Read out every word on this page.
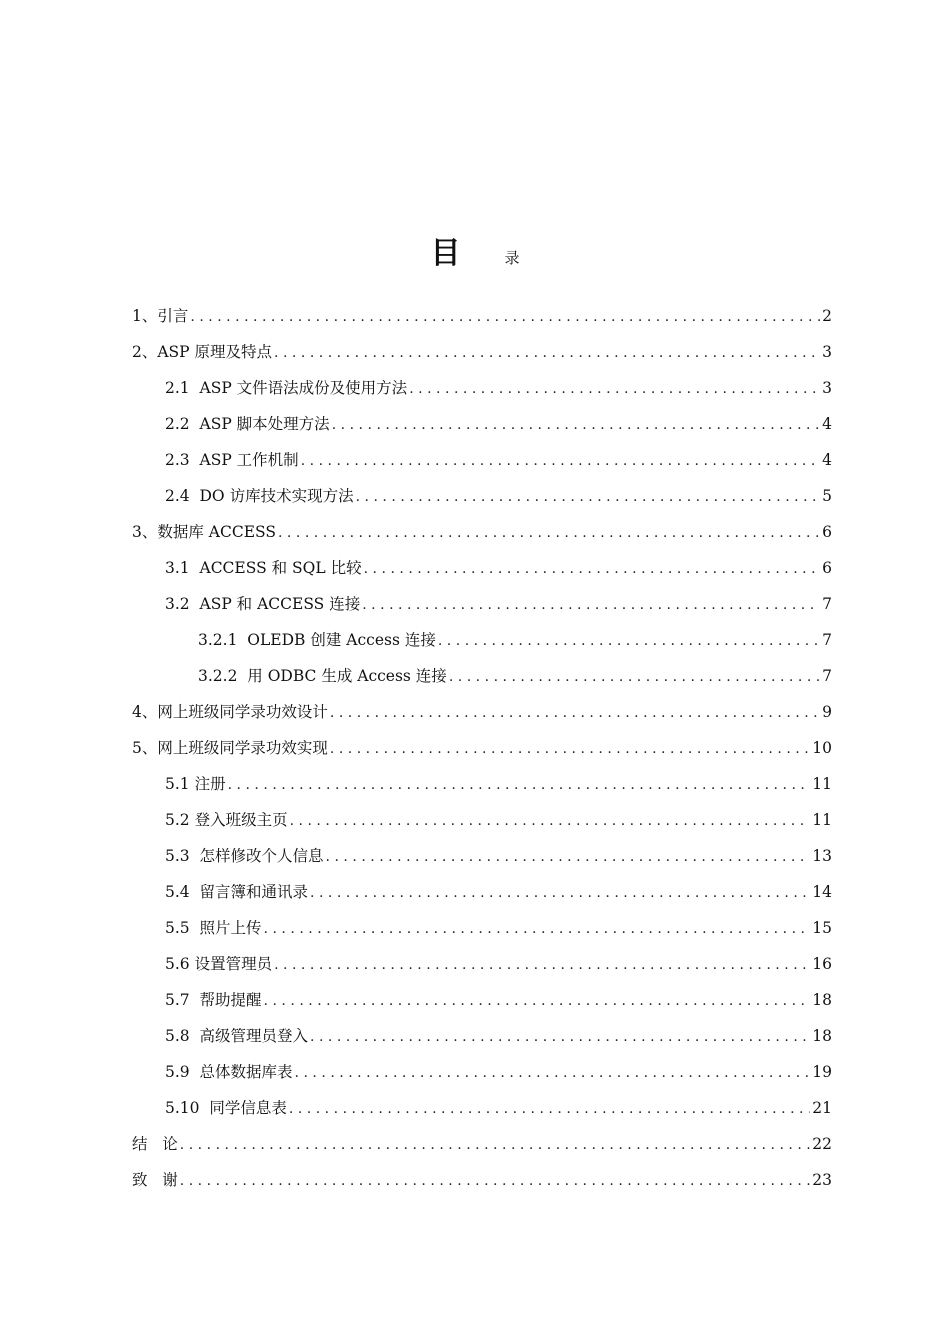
目	录
1、引言 .....	2
2、ASP 原理及特点 .....	3
2.1  ASP 文件语法成份及使用方法 .....	3
2.2  ASP 脚本处理方法 .....	4
2.3  ASP 工作机制 .....	4
2.4  DO 访库技术实现方法 .....	5
3、数据库 ACCESS .....	6
3.1  ACCESS 和 SQL 比较 .....	6
3.2  ASP 和 ACCESS 连接 .....	7
3.2.1  OLEDB 创建 Access 连接 .....	7
3.2.2  用 ODBC 生成 Access 连接 .....	7
4、网上班级同学录功效设计 .....	9
5、网上班级同学录功效实现 .....	10
5.1 注册 .....	11
5.2 登入班级主页 .....	11
5.3  怎样修改个人信息 .....	13
5.4  留言簿和通讯录 .....	14
5.5  照片上传 .....	15
5.6 设置管理员 .....	16
5.7  帮助提醒 .....	18
5.8  高级管理员登入 .....	18
5.9  总体数据库表 .....	19
5.10  同学信息表 .....	21
结   论 .....	22
致   谢 .....	23
